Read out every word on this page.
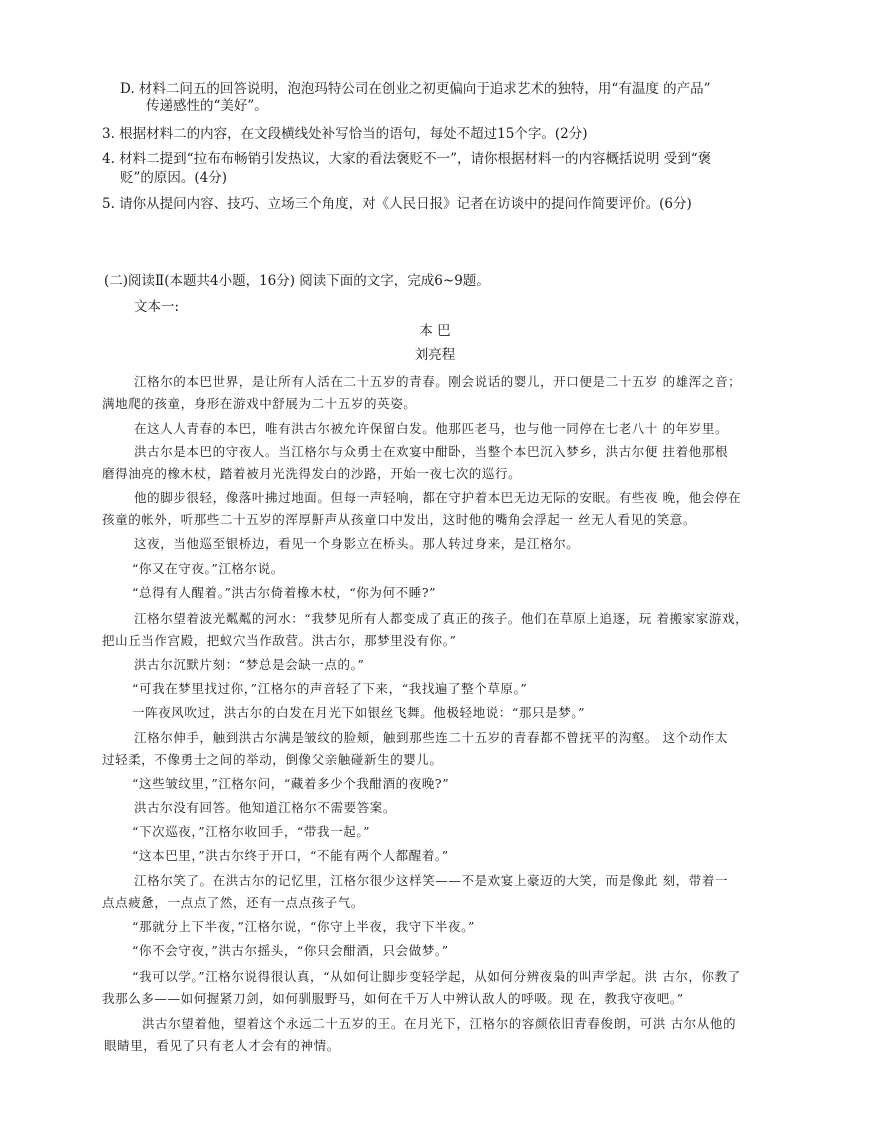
D. 材料二问五的回答说明，泡泡玛特公司在创业之初更偏向于追求艺术的独特，用“有温度 的产品”
传递感性的“美好”。
3. 根据材料二的内容，在文段横线处补写恰当的语句，每处不超过15个字。(2分)
4. 材料二提到“拉布布畅销引发热议，大家的看法褒贬不一”，请你根据材料一的内容概括说明 受到“褒
贬”的原因。(4分)
5. 请你从提问内容、技巧、立场三个角度，对《人民日报》记者在访谈中的提问作简要评价。(6分)
(二)阅读Ⅱ(本题共4小题，16分) 阅读下面的文字，完成6~9题。
文本一:
本 巴
刘亮程
江格尔的本巴世界，是让所有人活在二十五岁的青春。刚会说话的婴儿，开口便是二十五岁 的雄浑之音；
满地爬的孩童，身形在游戏中舒展为二十五岁的英姿。
在这人人青春的本巴，唯有洪古尔被允许保留白发。他那匹老马，也与他一同停在七老八十 的年岁里。
洪古尔是本巴的守夜人。当江格尔与众勇士在欢宴中酣卧，当整个本巴沉入梦乡，洪古尔便 拄着他那根
磨得油亮的橡木杖，踏着被月光洗得发白的沙路，开始一夜七次的巡行。
他的脚步很轻，像落叶拂过地面。但每一声轻响，都在守护着本巴无边无际的安眠。有些夜 晚，他会停在
孩童的帐外，听那些二十五岁的浑厚鼾声从孩童口中发出，这时他的嘴角会浮起一 丝无人看见的笑意。
这夜，当他巡至银桥边，看见一个身影立在桥头。那人转过身来，是江格尔。
“你又在守夜。”江格尔说。
“总得有人醒着。”洪古尔倚着橡木杖，“你为何不睡?”
江格尔望着波光粼粼的河水：“我梦见所有人都变成了真正的孩子。他们在草原上追逐，玩 着搬家家游戏，
把山丘当作宫殿，把蚁穴当作敌营。洪古尔，那梦里没有你。”
洪古尔沉默片刻：“梦总是会缺一点的。”
“可我在梦里找过你，”江格尔的声音轻了下来，“我找遍了整个草原。”
一阵夜风吹过，洪古尔的白发在月光下如银丝飞舞。他极轻地说：“那只是梦。”
江格尔伸手，触到洪古尔满是皱纹的脸颊，触到那些连二十五岁的青春都不曾抚平的沟壑。 这个动作太
过轻柔，不像勇士之间的举动，倒像父亲触碰新生的婴儿。
“这些皱纹里，”江格尔问，“藏着多少个我酣酒的夜晚?”
洪古尔没有回答。他知道江格尔不需要答案。
“下次巡夜，”江格尔收回手，“带我一起。”
“这本巴里，”洪古尔终于开口，“不能有两个人都醒着。”
江格尔笑了。在洪古尔的记忆里，江格尔很少这样笑——不是欢宴上豪迈的大笑，而是像此 刻，带着一
点点疲惫，一点点了然，还有一点点孩子气。
“那就分上下半夜，”江格尔说，“你守上半夜，我守下半夜。”
“你不会守夜，”洪古尔摇头，“你只会酣酒，只会做梦。”
“我可以学。”江格尔说得很认真，“从如何让脚步变轻学起，从如何分辨夜枭的叫声学起。洪 古尔，你教了
我那么多——如何握紧刀剑，如何驯服野马，如何在千万人中辨认敌人的呼吸。现 在，教我守夜吧。”
洪古尔望着他，望着这个永远二十五岁的王。在月光下，江格尔的容颜依旧青春俊朗，可洪 古尔从他的
眼睛里，看见了只有老人才会有的神情。
